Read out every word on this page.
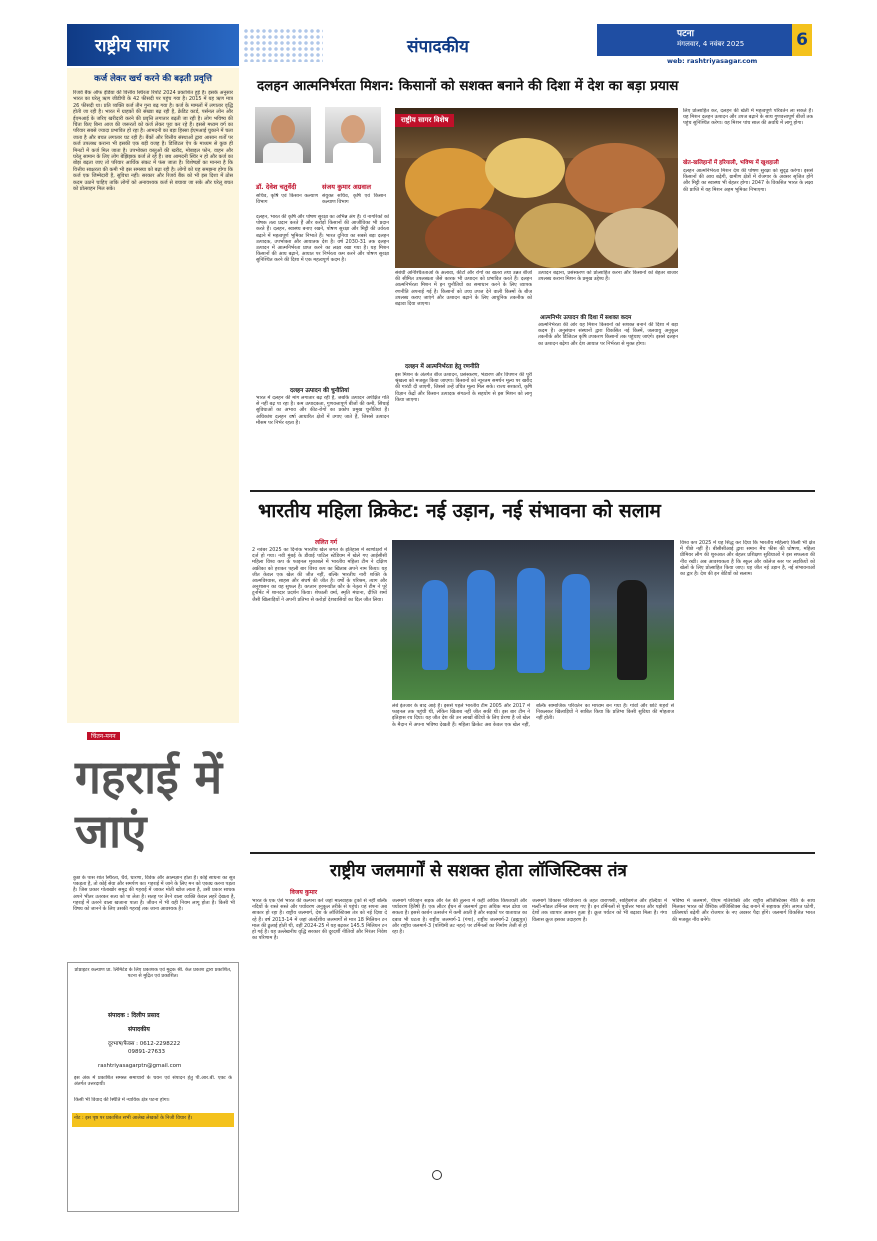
राष्ट्रीय सागर	संपादकीय
पटना
मंगलवार, 4 नवंबर 2025	6
web: rashtriyasagar.com
कर्ज लेकर खर्च करने की बढ़ती प्रवृत्ति
रिजर्व बैंक ऑफ इंडिया की वित्तीय स्थिरता रिपोर्ट 2024 प्रकाशित हुई है। इसके अनुसार भारत का घरेलू ऋण जीडीपी के 42 फीसदी पर पहुंच गया है। 2015 में यह ऋण मात्र 26 फीसदी था। प्रति व्यक्ति कर्ज तीन गुना बढ़ गया है। कर्ज के मामलों में लगातार वृद्धि होती जा रही है। भारत में ग्राहकों की संख्या बढ़ रही है, क्रेडिट कार्ड, पर्सनल लोन और ईएमआई के जरिए खरीदारी करने की प्रवृत्ति लगातार बढ़ती जा रही है। लोग भविष्य की चिंता किए बिना आज की जरूरतों को कर्ज लेकर पूरा कर रहे हैं। इससे मध्यम वर्ग का परिवार सबसे ज्यादा प्रभावित हो रहा है। आमदनी का बड़ा हिस्सा ईएमआई चुकाने में चला जाता है और बचत लगातार घट रही है। बैंकों और वित्तीय संस्थाओं द्वारा आसान शर्तों पर कर्ज उपलब्ध कराना भी इसकी एक बड़ी वजह है। डिजिटल ऐप के माध्यम से कुछ ही मिनटों में कर्ज मिल जाता है। उपभोक्ता वस्तुओं की खरीद, मोबाइल फोन, वाहन और घरेलू सामान के लिए लोग बेझिझक कर्ज ले रहे हैं। जब आमदनी स्थिर न हो और कर्ज का बोझ बढ़ता जाए तो परिवार आर्थिक संकट में फंस जाता है। विशेषज्ञों का मानना है कि वित्तीय साक्षरता की कमी भी इस समस्या को बढ़ा रही है। लोगों को यह समझना होगा कि कर्ज एक जिम्मेदारी है, सुविधा नहीं। सरकार और रिजर्व बैंक को भी इस दिशा में ठोस कदम उठाने चाहिए ताकि लोगों को अनावश्यक कर्ज से बचाया जा सके और घरेलू बचत को प्रोत्साहन मिल सके।
चिंतन-मनन
गहराई में जाएं
कुछ के पास शांत स्थिरता, धैर्य, धारणा, विवेक और आत्मज्ञान होता है। कोई साधना का सूत्र पकड़ता है, तो कोई सेवा और समर्पण का। गहराई में जाने के लिए मन को एकाग्र करना पड़ता है। जिस प्रकार गोताखोर समुद्र की गहराई में जाकर मोती खोज लाता है, उसी प्रकार साधक अपने भीतर उतरकर सत्य को पा लेता है। सतह पर तैरने वाला व्यक्ति केवल लहरें देखता है, गहराई में उतरने वाला खजाना पाता है। जीवन में भी यही नियम लागू होता है। किसी भी विषय को जानने के लिए उसकी गहराई तक जाना आवश्यक है।
प्रोप्राइटर कल्याण प्रा. लिमिटेड के लिए प्रकाशक एवं मुद्रक श्री. केत प्रकाश द्वारा प्रकाशित, पटना से मुद्रित एवं प्रकाशित।
संपादक : दिलीप प्रसाद
संपादकीय
दूरभाष/फैक्स : 0612-2298222
09891-27633
rashtriyasagarptn@gmail.com
इस अंक में प्रकाशित समस्त समाचारों के चयन एवं संपादन हेतु पी.आर.बी. एक्ट के अंतर्गत उत्तरदायी।
किसी भी विवाद की स्थिति में न्यायिक क्षेत्र पटना होगा।
नोट : इस पृष्ठ पर प्रकाशित सभी आलेख लेखकों के निजी विचार हैं।
दलहन आत्मनिर्भरता मिशन: किसानों को सशक्त बनाने की दिशा में देश का बड़ा प्रयास
डॉ. देवेश चतुर्वेदी
सचिव, कृषि एवं किसान कल्याण विभाग
संजय कुमार अग्रवाल
संयुक्त सचिव, कृषि एवं किसान कल्याण विभाग
दलहन, भारत की कृषि और पोषण सुरक्षा का अभिन्न अंग हैं। ये नागरिकों को पोषक तत्व प्रदान करते हैं और करोड़ों किसानों की आजीविका भी प्रदान करते हैं। दलहन, स्वास्थ्य बनाए रखने, पोषण सुरक्षा और मिट्टी की उर्वरता बढ़ाने में महत्वपूर्ण भूमिका निभाते हैं। भारत दुनिया का सबसे बड़ा दलहन उत्पादक, उपभोक्ता और आयातक देश है। वर्ष 2030-31 तक दलहन उत्पादन में आत्मनिर्भरता प्राप्त करने का लक्ष्य रखा गया है। यह मिशन किसानों की आय बढ़ाने, आयात पर निर्भरता कम करने और पोषण सुरक्षा सुनिश्चित करने की दिशा में एक महत्वपूर्ण कदम है।
दलहन उत्पादन की चुनौतियां
भारत में दलहन की मांग लगातार बढ़ रही है, जबकि उत्पादन अपेक्षित गति से नहीं बढ़ पा रहा है। कम उत्पादकता, गुणवत्तापूर्ण बीजों की कमी, सिंचाई सुविधाओं का अभाव और कीट-रोगों का प्रकोप प्रमुख चुनौतियां हैं। अधिकांश दलहन वर्षा आधारित क्षेत्रों में उगाए जाते हैं, जिससे उत्पादन मौसम पर निर्भर रहता है।
राष्ट्रीय सागर विशेष
संबंधी अनिश्चितताओं के अलावा, कीटों और रोगों का खतरा तथा उन्नत बीजों की सीमित उपलब्धता जैसे कारक भी उत्पादन को प्रभावित करते हैं। दलहन आत्मनिर्भरता मिशन में इन चुनौतियों का समाधान करने के लिए व्यापक रणनीति अपनाई गई है। किसानों को उच्च उपज देने वाली किस्मों के बीज उपलब्ध कराए जाएंगे और उत्पादन बढ़ाने के लिए आधुनिक तकनीक को बढ़ावा दिया जाएगा।
दलहन में आत्मनिर्भरता हेतु रणनीति
इस मिशन के अंतर्गत बीज उत्पादन, प्रसंस्करण, भंडारण और विपणन की पूरी श्रृंखला को मजबूत किया जाएगा। किसानों को न्यूनतम समर्थन मूल्य पर खरीद की गारंटी दी जाएगी, जिससे उन्हें उचित मूल्य मिल सके। राज्य सरकारों, कृषि विज्ञान केंद्रों और किसान उत्पादक संगठनों के सहयोग से इस मिशन को लागू किया जाएगा।
उत्पादन बढ़ाना, प्रसंस्करण को प्रोत्साहित करना और किसानों को बेहतर बाजार उपलब्ध कराना मिशन के प्रमुख उद्देश्य हैं।
आत्मनिर्भर उत्पादन की दिशा में सशक्त कदम
आत्मनिर्भरता की ओर यह मिशन किसानों को सशक्त बनाने की दिशा में बड़ा कदम है। अनुसंधान संस्थानों द्वारा विकसित नई किस्में, जलवायु अनुकूल तकनीकें और डिजिटल कृषि उपकरण किसानों तक पहुंचाए जाएंगे। इससे दलहन का उत्पादन बढ़ेगा और देश आयात पर निर्भरता से मुक्त होगा।
लिए प्रोत्साहित कर, दलहन की खेती में महत्वपूर्ण परिवर्तन ला सकते हैं। यह मिशन दलहन उत्पादन और उपज बढ़ाने के साथ गुणवत्तापूर्ण बीजों तक पहुंच सुनिश्चित करेगा। यह मिशन पांच साल की अवधि में लागू होगा।
खेत-खलिहानों में हरियाली, भविष्य में खुशहाली
दलहन आत्मनिर्भरता मिशन देश की पोषण सुरक्षा को सुदृढ़ करेगा। इससे किसानों की आय बढ़ेगी, ग्रामीण क्षेत्रों में रोजगार के अवसर सृजित होंगे और मिट्टी का स्वास्थ्य भी बेहतर होगा। 2047 के विकसित भारत के लक्ष्य की प्राप्ति में यह मिशन अहम भूमिका निभाएगा।
भारतीय महिला क्रिकेट: नई उड़ान, नई संभावना को सलाम
ललित गर्ग
2 नवंबर 2025 का दिनांक भारतीय खेल जगत के इतिहास में स्वर्णाक्षरों में दर्ज हो गया। नवी मुंबई के डीवाई पाटिल स्टेडियम में खेले गए आईसीसी महिला विश्व कप के फाइनल मुकाबले में भारतीय महिला टीम ने दक्षिण अफ्रीका को हराकर पहली बार विश्व कप का खिताब अपने नाम किया। यह जीत केवल एक खेल की जीत नहीं, बल्कि भारतीय नारी शक्ति के आत्मविश्वास, साहस और संघर्ष की जीत है। वर्षों के परिश्रम, त्याग और अनुशासन का यह सुफल है। कप्तान हरमनप्रीत कौर के नेतृत्व में टीम ने पूरे टूर्नामेंट में शानदार प्रदर्शन किया। शेफाली वर्मा, स्मृति मंधाना, दीप्ति शर्मा जैसी खिलाड़ियों ने अपनी प्रतिभा से करोड़ों देशवासियों का दिल जीत लिया।
लंबे इंतजार के बाद आई है। इससे पहले भारतीय टीम 2005 और 2017 में फाइनल तक पहुंची थी, लेकिन खिताब नहीं जीत सकी थी। इस बार टीम ने इतिहास रच दिया। यह जीत देश की उन लाखों बेटियों के लिए प्रेरणा है जो खेल के मैदान में अपना भविष्य देखती हैं। महिला क्रिकेट अब केवल एक खेल नहीं, बल्कि सामाजिक परिवर्तन का माध्यम बन गया है। गांवों और छोटे शहरों से निकलकर खिलाड़ियों ने साबित किया कि प्रतिभा किसी सुविधा की मोहताज नहीं होती।
विश्व कप 2025 में यह सिद्ध कर दिया कि भारतीय महिलाएं किसी भी क्षेत्र में पीछे नहीं हैं। बीसीसीआई द्वारा समान मैच फीस की घोषणा, महिला प्रीमियर लीग की शुरुआत और बेहतर प्रशिक्षण सुविधाओं ने इस सफलता की नींव रखी। अब आवश्यकता है कि स्कूल और कॉलेज स्तर पर लड़कियों को खेलों के लिए प्रोत्साहित किया जाए। यह जीत नई उड़ान है, नई संभावनाओं का द्वार है। देश की इन बेटियों को सलाम।
राष्ट्रीय जलमार्गों से सशक्त होता लॉजिस्टिक्स तंत्र
विजय कुमार
भारत के एक ऐसे भारत की कल्पना करें जहां मालवाहक ट्रकों से नहीं बल्कि नदियों के रास्ते सस्ते और पर्यावरण अनुकूल तरीके से पहुंचे। यह सपना अब साकार हो रहा है। राष्ट्रीय जलमार्ग, देश के लॉजिस्टिक्स तंत्र को नई दिशा दे रहे हैं। वर्ष 2013-14 में जहां अंतर्देशीय जलमार्गों से मात्र 18 मिलियन टन माल की ढुलाई होती थी, वहीं 2024-25 में यह बढ़कर 145.5 मिलियन टन हो गई है। यह उल्लेखनीय वृद्धि सरकार की दूरदर्शी नीतियों और निरंतर निवेश का परिणाम है।
जलमार्ग परिवहन सड़क और रेल की तुलना में कहीं अधिक किफायती और पर्यावरण हितैषी है। एक लीटर ईंधन से जलमार्ग द्वारा अधिक माल ढोया जा सकता है। इससे कार्बन उत्सर्जन में कमी आती है और सड़कों पर यातायात का दबाव भी घटता है। राष्ट्रीय जलमार्ग-1 (गंगा), राष्ट्रीय जलमार्ग-2 (ब्रह्मपुत्र) और राष्ट्रीय जलमार्ग-3 (पश्चिमी तट नहर) पर टर्मिनलों का निर्माण तेजी से हो रहा है।
जलमार्ग विकास परियोजना के तहत वाराणसी, साहिबगंज और हल्दिया में मल्टी-मॉडल टर्मिनल बनाए गए हैं। इन टर्मिनलों से पूर्वोत्तर भारत और पड़ोसी देशों तक व्यापार आसान हुआ है। क्रूज पर्यटन को भी बढ़ावा मिला है। गंगा विलास क्रूज इसका उदाहरण है।
भविष्य में जलमार्ग, पीएम गतिशक्ति और राष्ट्रीय लॉजिस्टिक्स नीति के साथ मिलकर भारत को वैश्विक लॉजिस्टिक्स केंद्र बनाने में सहायक होंगे। लागत घटेगी, प्रतिस्पर्धा बढ़ेगी और रोजगार के नए अवसर पैदा होंगे। जलमार्ग विकसित भारत की मजबूत नींव बनेंगे।
